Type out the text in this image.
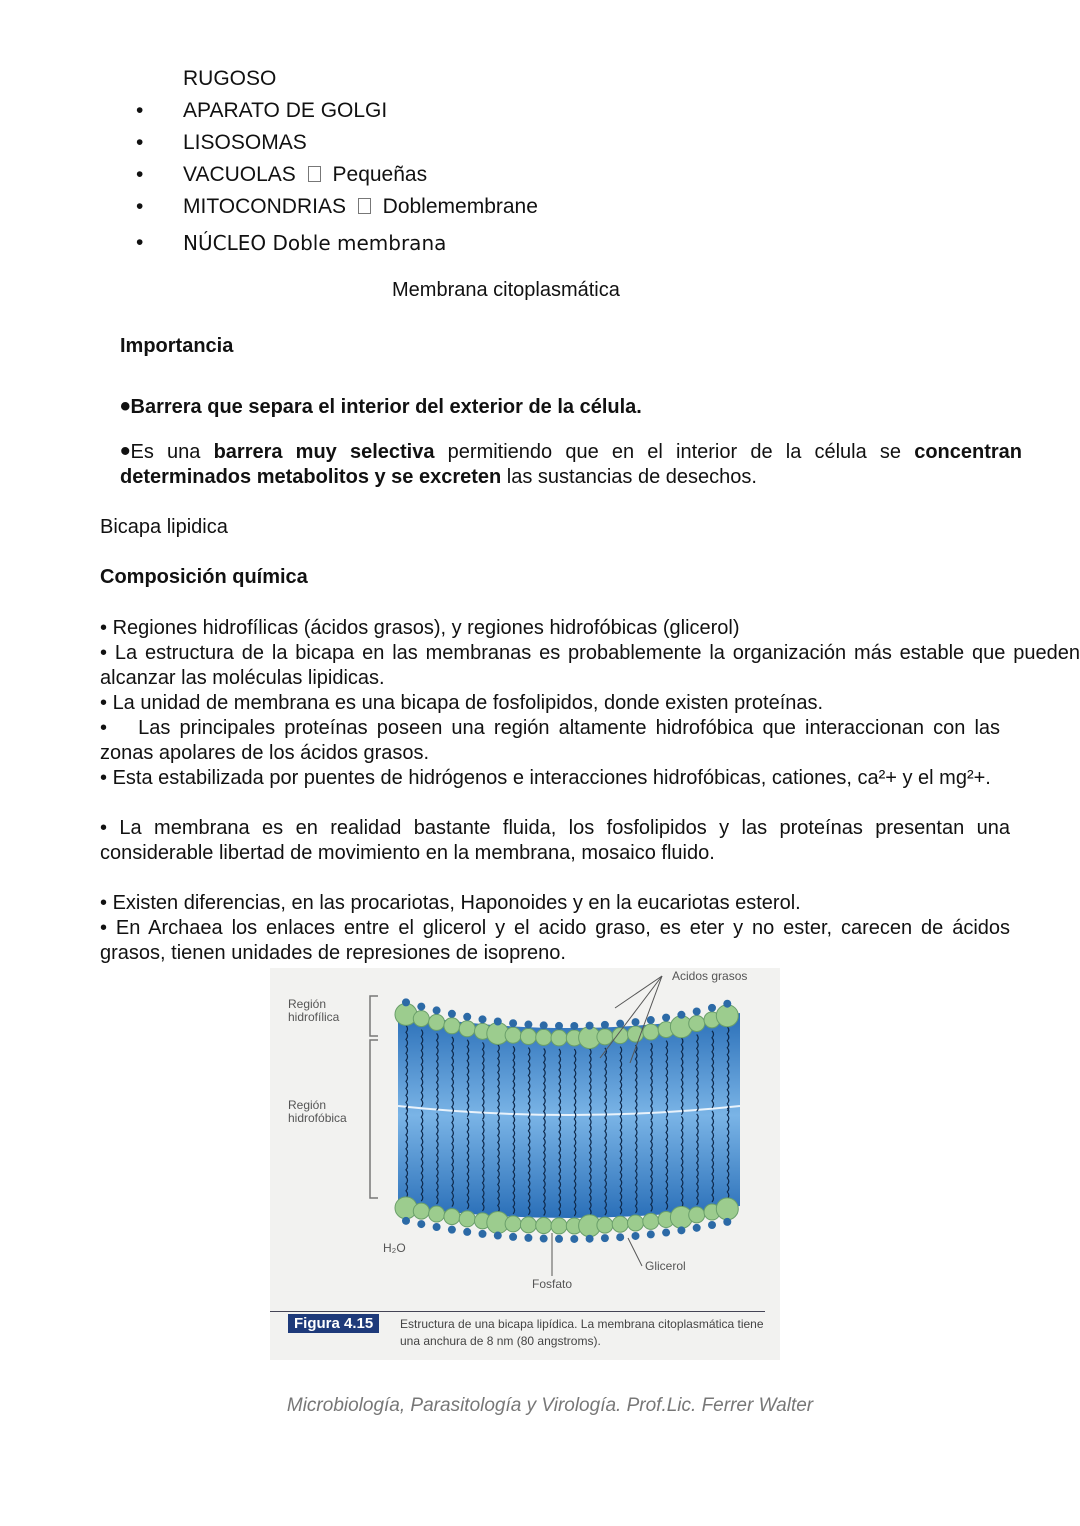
RUGOSO
• APARATO DE GOLGI
• LISOSOMAS
• VACUOLAS Pequeñas
• MITOCONDRIAS Doblemembrane
• NÚCLEO Doble membrana
Membrana citoplasmática
Importancia
•Barrera que separa el interior del exterior de la célula.
•Es una barrera muy selectiva permitiendo que en el interior de la célula se concentran determinados metabolitos y se excreten las sustancias de desechos.
Bicapa lipidica
Composición química
• Regiones hidrofílicas (ácidos grasos), y regiones hidrofóbicas (glicerol)
• La estructura de la bicapa en las membranas es probablemente la organización más estable que pueden alcanzar las moléculas lipidicas.
• La unidad de membrana es una bicapa de fosfolipidos, donde existen proteínas.
• Las principales proteínas poseen una región altamente hidrofóbica que interaccionan con las zonas apolares de los ácidos grasos.
• Esta estabilizada por puentes de hidrógenos e interacciones hidrofóbicas, cationes, ca²+ y el mg²+.
• La membrana es en realidad bastante fluida, los fosfolipidos y las proteínas presentan una considerable libertad de movimiento en la membrana, mosaico fluido.
• Existen diferencias, en las procariotas, Haponoides y en la eucariotas esterol.
• En Archaea los enlaces entre el glicerol y el acido graso, es eter y no ester, carecen de ácidos grasos, tienen unidades de represiones de isopreno.
Acidos grasos
Región hidrofílica
Región hidrofóbica
H₂O
Fosfato
Glicerol
Figura 4.15	Estructura de una bicapa lipídica. La membrana citoplasmática tiene una anchura de 8 nm (80 angstroms).
Microbiología, Parasitología y Virología. Prof.Lic. Ferrer Walter
